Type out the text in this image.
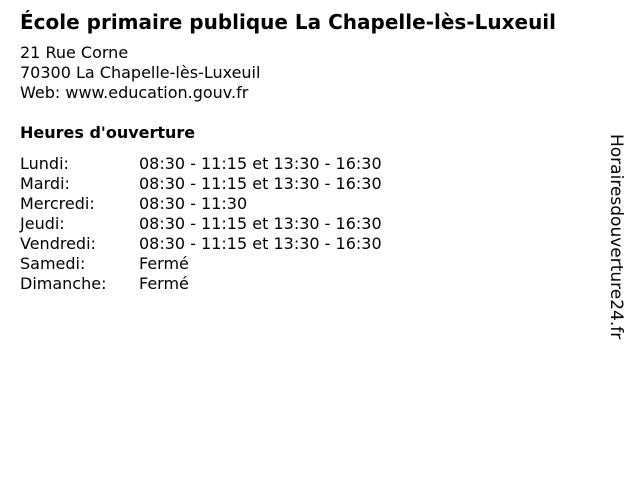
École primaire publique La Chapelle-lès-Luxeuil
21 Rue Corne
70300 La Chapelle-lès-Luxeuil
Web: www.education.gouv.fr
Heures d'ouverture
Lundi:	08:30 - 11:15 et 13:30 - 16:30
Mardi:	08:30 - 11:15 et 13:30 - 16:30
Mercredi:	08:30 - 11:30
Jeudi:	08:30 - 11:15 et 13:30 - 16:30
Vendredi:	08:30 - 11:15 et 13:30 - 16:30
Samedi:	Fermé
Dimanche:	Fermé	Horairesdouverture24.fr
